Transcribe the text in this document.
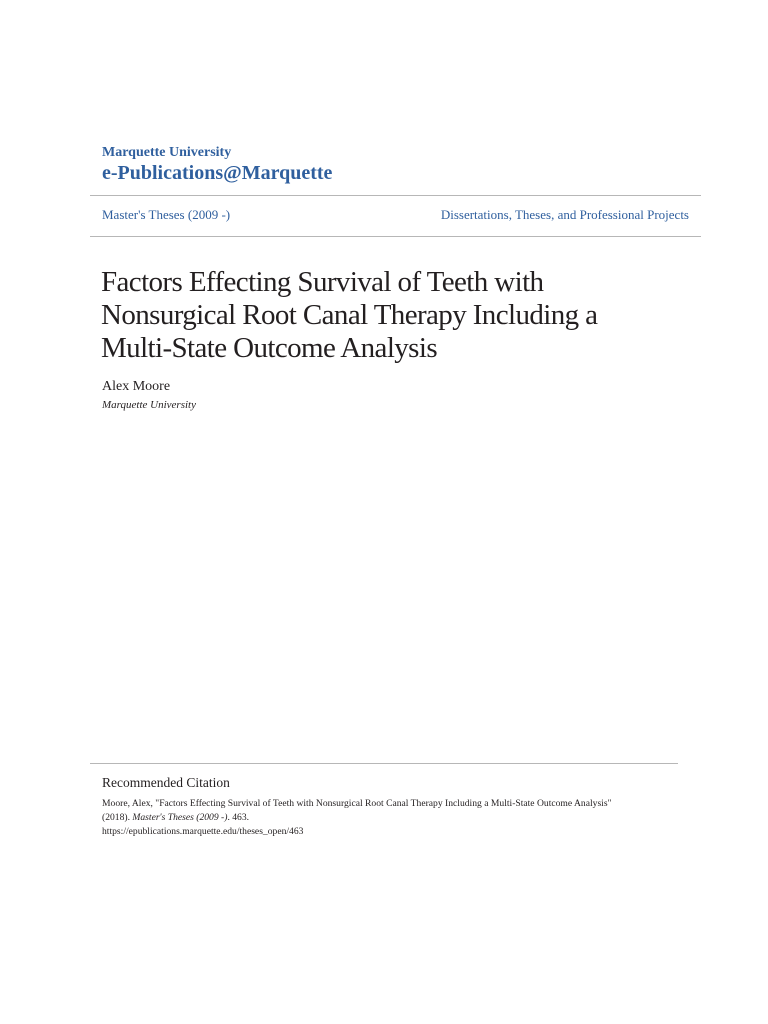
Marquette University
e-Publications@Marquette
Master's Theses (2009 -)	Dissertations, Theses, and Professional Projects
Factors Effecting Survival of Teeth with
Nonsurgical Root Canal Therapy Including a
Multi-State Outcome Analysis
Alex Moore
Marquette University
Recommended Citation
Moore, Alex, "Factors Effecting Survival of Teeth with Nonsurgical Root Canal Therapy Including a Multi-State Outcome Analysis"
(2018). Master's Theses (2009 -). 463.
https://epublications.marquette.edu/theses_open/463
